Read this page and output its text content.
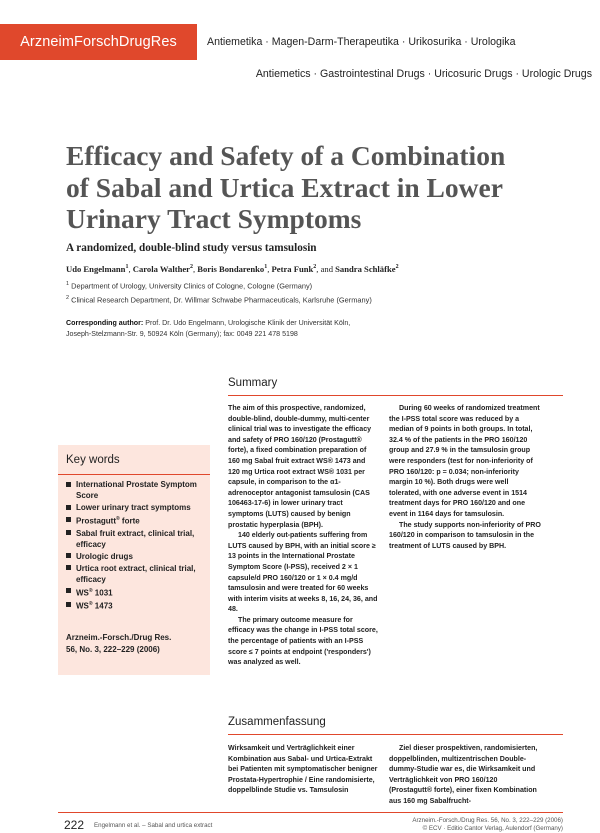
ArzneimForschDrugRes	Antiemetika · Magen-Darm-Therapeutika · Urikosurika · Urologika
Antiemetics · Gastrointestinal Drugs · Uricosuric Drugs · Urologic Drugs
Efficacy and Safety of a Combination of Sabal and Urtica Extract in Lower Urinary Tract Symptoms
A randomized, double-blind study versus tamsulosin
Udo Engelmann$^1$, Carola Walther$^2$, Boris Bondarenko$^1$, Petra Funk$^2$, and Sandra Schläfke$^2$
$^1$ Department of Urology, University Clinics of Cologne, Cologne (Germany)
$^2$ Clinical Research Department, Dr. Willmar Schwabe Pharmaceuticals, Karlsruhe (Germany)
Corresponding author: Prof. Dr. Udo Engelmann, Urologische Klinik der Universität Köln,
Joseph-Stelzmann-Str. 9, 50924 Köln (Germany); fax: 0049 221 478 5198
Key words
International Prostate Symptom Score
Lower urinary tract symptoms
Prostagutt® forte
Sabal fruit extract, clinical trial, efficacy
Urologic drugs
Urtica root extract, clinical trial, efficacy
WS® 1031
WS® 1473
Arzneim.-Forsch./Drug Res.
56, No. 3, 222–229 (2006)
Summary

The aim of this prospective, randomized, double-blind, double-dummy, multi-center clinical trial was to investigate the efficacy and safety of PRO 160/120 (Prostagutt® forte), a fixed combination preparation of 160 mg Sabal fruit extract WS® 1473 and 120 mg Urtica root extract WS® 1031 per capsule, in comparison to the α1-adrenoceptor antagonist tamsulosin (CAS 106463-17-6) in lower urinary tract symptoms (LUTS) caused by benign prostatic hyperplasia (BPH).

140 elderly out-patients suffering from LUTS caused by BPH, with an initial score ≥ 13 points in the International Prostate Symptom Score (I-PSS), received 2 × 1 capsule/d PRO 160/120 or 1 × 0.4 mg/d tamsulosin and were treated for 60 weeks with interim visits at weeks 8, 16, 24, 36, and 48.

The primary outcome measure for efficacy was the change in I-PSS total score, the percentage of patients with an I-PSS score ≤ 7 points at endpoint ('responders') was analyzed as well.

During 60 weeks of randomized treatment the I-PSS total score was reduced by a median of 9 points in both groups. In total, 32.4 % of the patients in the PRO 160/120 group and 27.9 % in the tamsulosin group were responders (test for non-inferiority of PRO 160/120: p = 0.034; non-inferiority margin 10 %). Both drugs were well tolerated, with one adverse event in 1514 treatment days for PRO 160/120 and one event in 1164 days for tamsulosin.

The study supports non-inferiority of PRO 160/120 in comparison to tamsulosin in the treatment of LUTS caused by BPH.

Zusammenfassung

Wirksamkeit und Verträglichkeit einer Kombination aus Sabal- und Urtica-Extrakt bei Patienten mit symptomatischer benigner Prostata-Hypertrophie / Eine randomisierte, doppelblinde Studie vs. Tamsulosin

Ziel dieser prospektiven, randomisierten, doppelblinden, multizentrischen Double-dummy-Studie war es, die Wirksamkeit und Verträglichkeit von PRO 160/120 (Prostagutt® forte), einer fixen Kombination aus 160 mg Sabalfrucht-

222 Engelmann et al. – Sabal and urtica extract
Arzneim.-Forsch./Drug Res. 56, No. 3, 222–229 (2006)
© ECV · Editio Cantor Verlag, Aulendorf (Germany)
